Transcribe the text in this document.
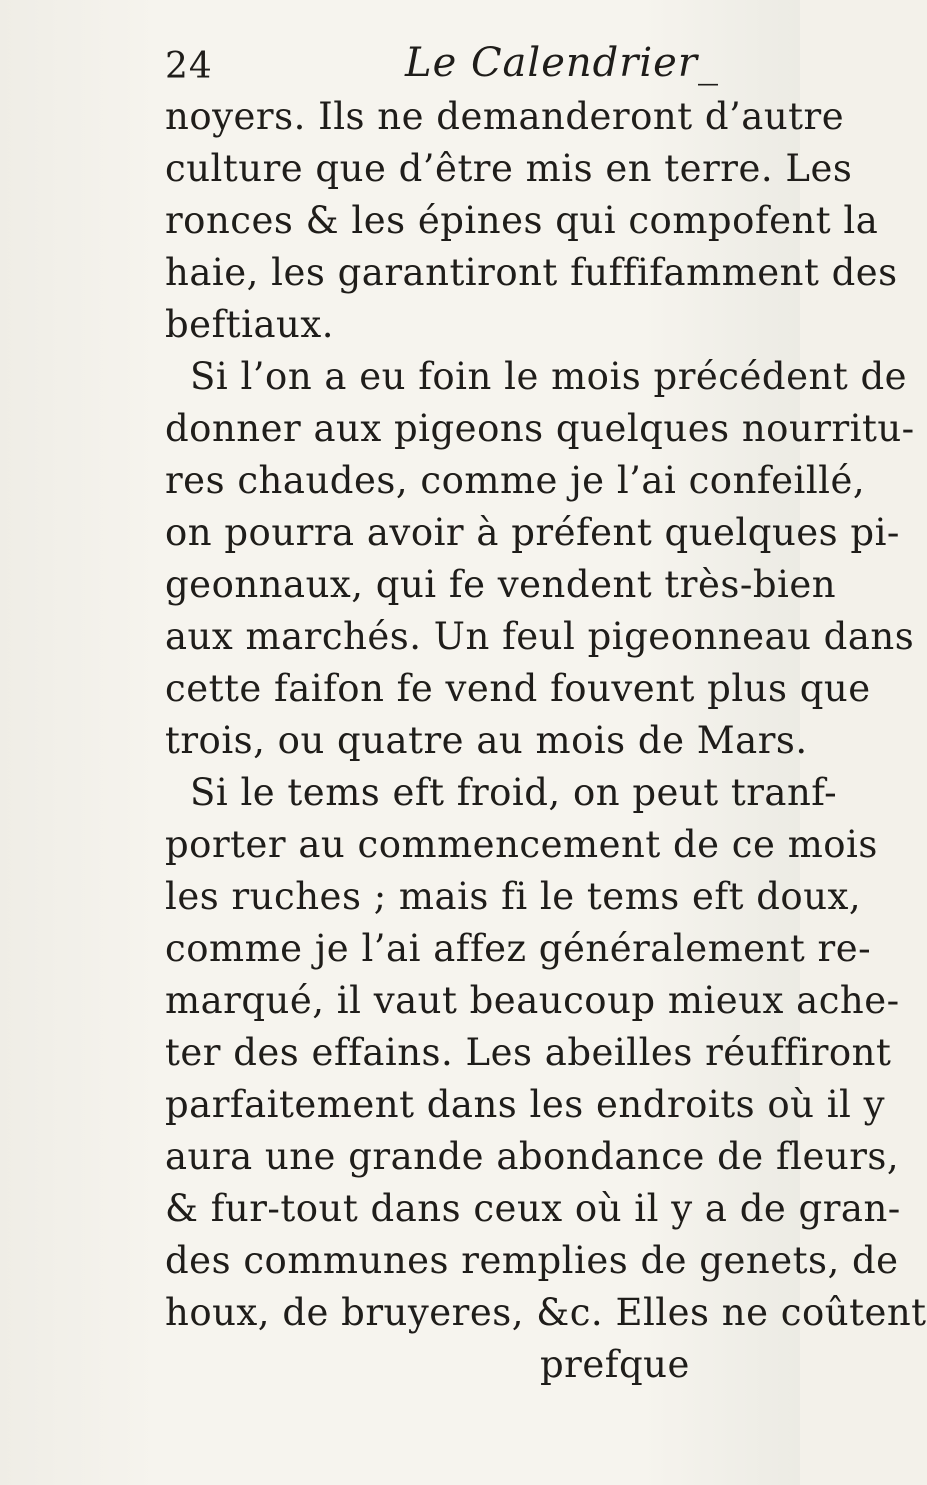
24	Le Calendrier_
noyers. Ils ne demanderont d’autre
culture que d’être mis en terre. Les
ronces & les épines qui compofent la
haie, les garantiront fuffifamment des
beftiaux.
Si l’on a eu foin le mois précédent de
donner aux pigeons quelques nourritu-
res chaudes, comme je l’ai confeillé,
on pourra avoir à préfent quelques pi-
geonnaux, qui fe vendent très-bien
aux marchés. Un feul pigeonneau dans
cette faifon fe vend fouvent plus que
trois, ou quatre au mois de Mars.
Si le tems eft froid, on peut tranf-
porter au commencement de ce mois
les ruches ; mais fi le tems eft doux,
comme je l’ai affez généralement re-
marqué, il vaut beaucoup mieux ache-
ter des effains. Les abeilles réuffiront
parfaitement dans les endroits où il y
aura une grande abondance de fleurs,
& fur-tout dans ceux où il y a de gran-
des communes remplies de genets, de
houx, de bruyeres, &c. Elles ne coûtent
prefque
